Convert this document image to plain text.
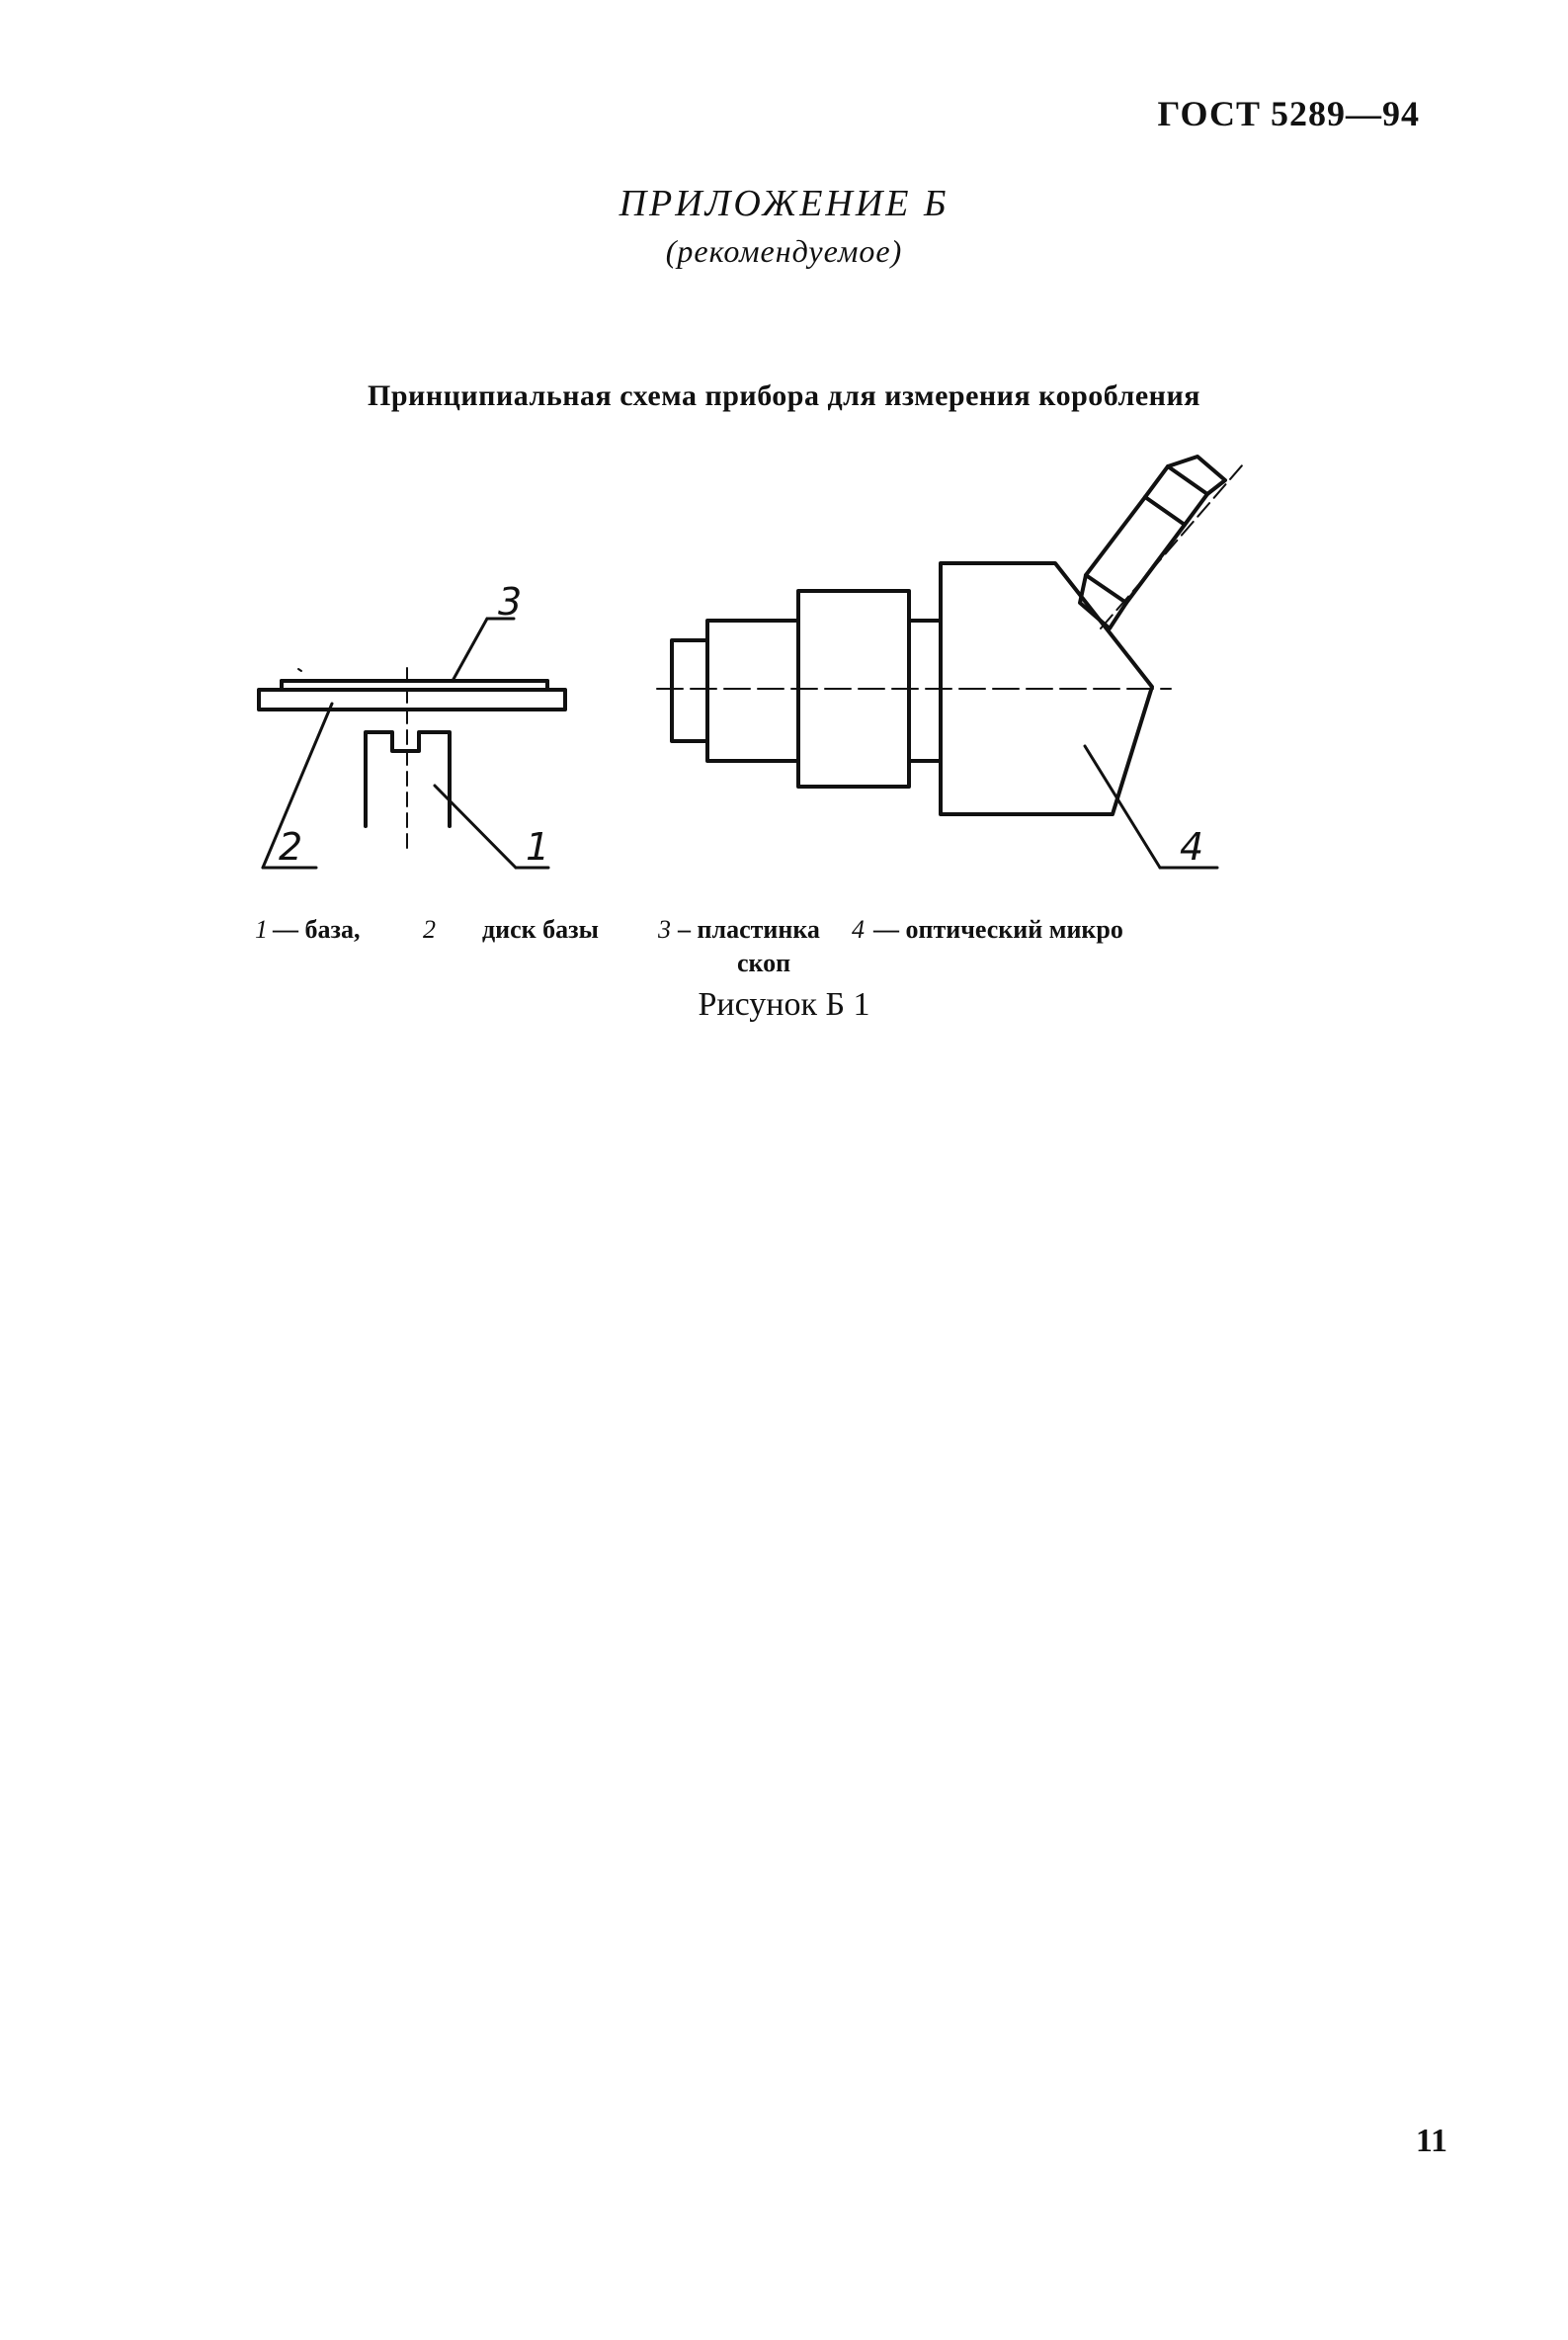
ГОСТ 5289—94
ПРИЛОЖЕНИЕ Б
(рекомендуемое)
Принципиальная схема прибора для измерения коробления
3
2	1	4
1 — база, 2 диск базы 3 – пластинка 4 — оптический микро
скоп
Рисунок Б 1
11
